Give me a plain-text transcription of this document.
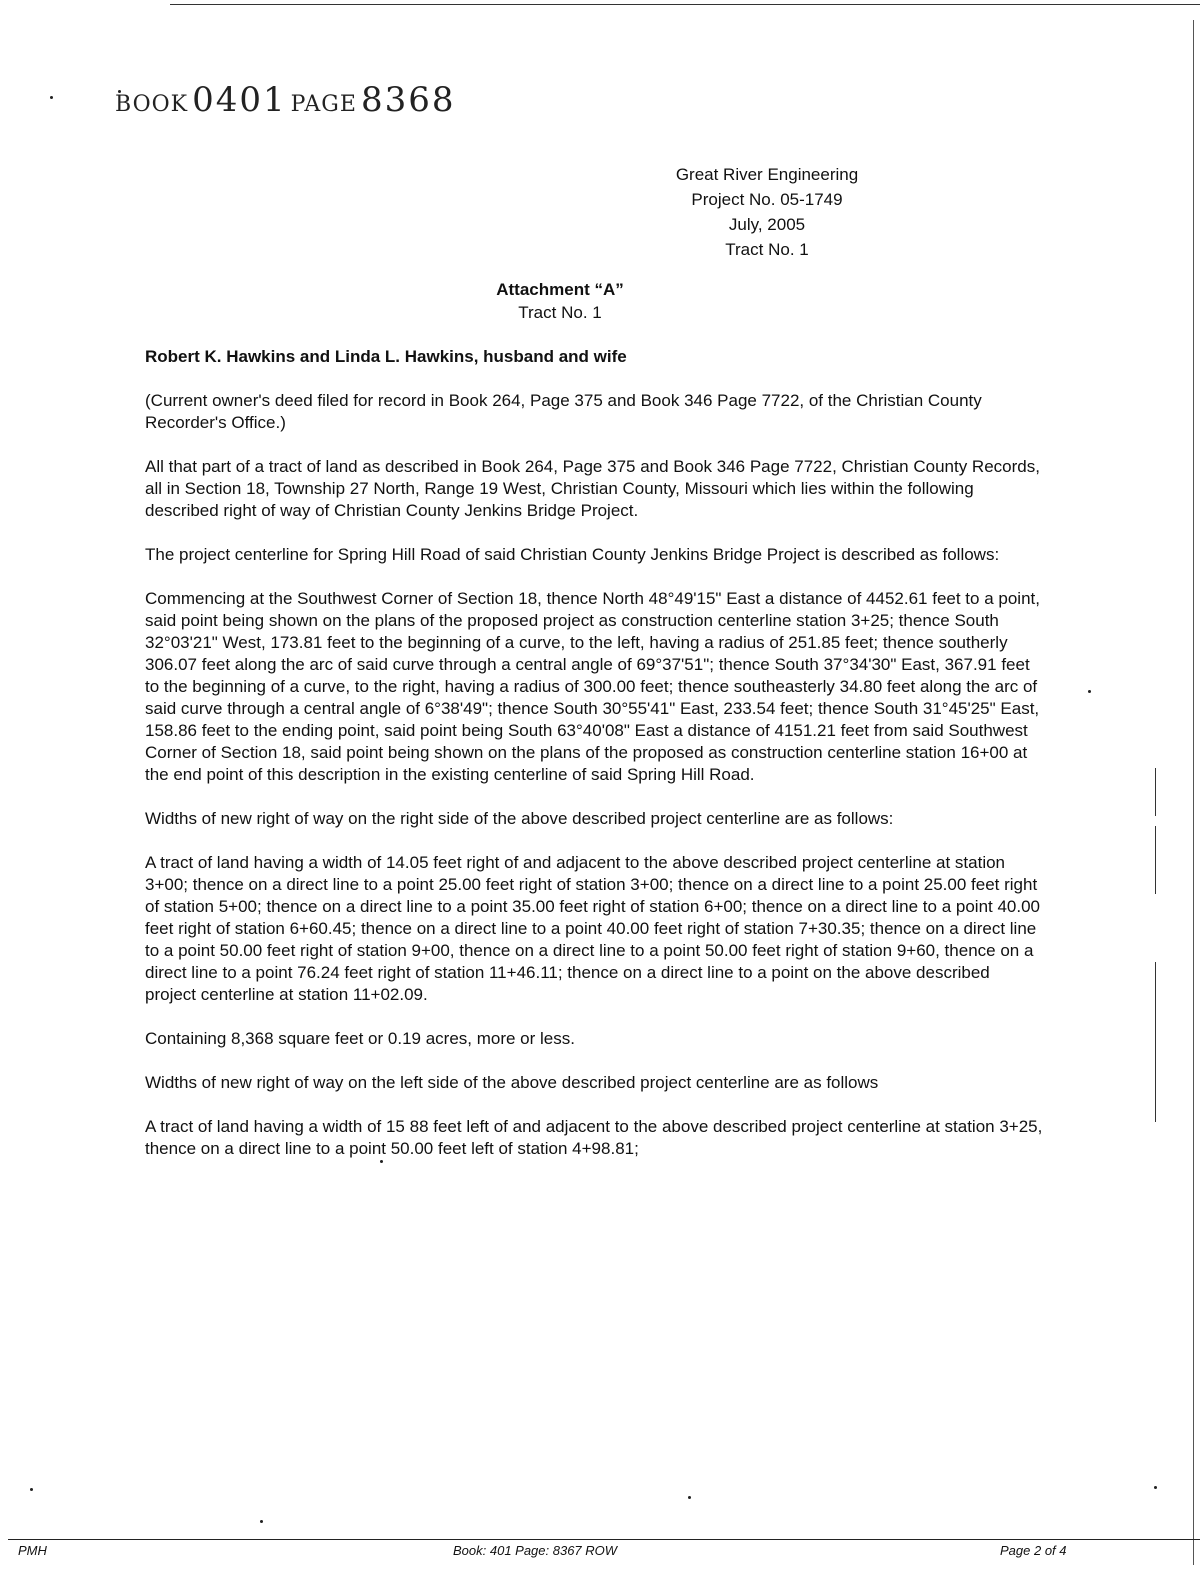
BOOK 0401 PAGE 8368
Great River Engineering
Project No. 05-1749
July, 2005
Tract No. 1
Attachment “A”
Tract No. 1

Robert K. Hawkins and Linda L. Hawkins, husband and wife

(Current owner's deed filed for record in Book 264, Page 375 and Book 346 Page 7722, of the Christian County Recorder's Office.)

All that part of a tract of land as described in Book 264, Page 375 and Book 346 Page 7722, Christian County Records, all in Section 18, Township 27 North, Range 19 West, Christian County, Missouri which lies within the following described right of way of Christian County Jenkins Bridge Project.

The project centerline for Spring Hill Road of said Christian County Jenkins Bridge Project is described as follows:

Commencing at the Southwest Corner of Section 18, thence North 48°49'15" East a distance of 4452.61 feet to a point, said point being shown on the plans of the proposed project as construction centerline station 3+25; thence South 32°03'21" West, 173.81 feet to the beginning of a curve, to the left, having a radius of 251.85 feet; thence southerly 306.07 feet along the arc of said curve through a central angle of 69°37'51"; thence South 37°34'30" East, 367.91 feet to the beginning of a curve, to the right, having a radius of 300.00 feet; thence southeasterly 34.80 feet along the arc of said curve through a central angle of 6°38'49"; thence South 30°55'41" East, 233.54 feet; thence South 31°45'25" East, 158.86 feet to the ending point, said point being South 63°40'08" East a distance of 4151.21 feet from said Southwest Corner of Section 18, said point being shown on the plans of the proposed as construction centerline station 16+00 at the end point of this description in the existing centerline of said Spring Hill Road.

Widths of new right of way on the right side of the above described project centerline are as follows:

A tract of land having a width of 14.05 feet right of and adjacent to the above described project centerline at station 3+00; thence on a direct line to a point 25.00 feet right of station 3+00; thence on a direct line to a point 25.00 feet right of station 5+00; thence on a direct line to a point 35.00 feet right of station 6+00; thence on a direct line to a point 40.00 feet right of station 6+60.45; thence on a direct line to a point 40.00 feet right of station 7+30.35; thence on a direct line to a point 50.00 feet right of station 9+00, thence on a direct line to a point 50.00 feet right of station 9+60, thence on a direct line to a point 76.24 feet right of station 11+46.11; thence on a direct line to a point on the above described project centerline at station 11+02.09.

Containing 8,368 square feet or 0.19 acres, more or less.

Widths of new right of way on the left side of the above described project centerline are as follows

A tract of land having a width of 15 88 feet left of and adjacent to the above described project centerline at station 3+25, thence on a direct line to a point 50.00 feet left of station 4+98.81;

PMH	Book: 401 Page: 8367 ROW	Page 2 of 4
